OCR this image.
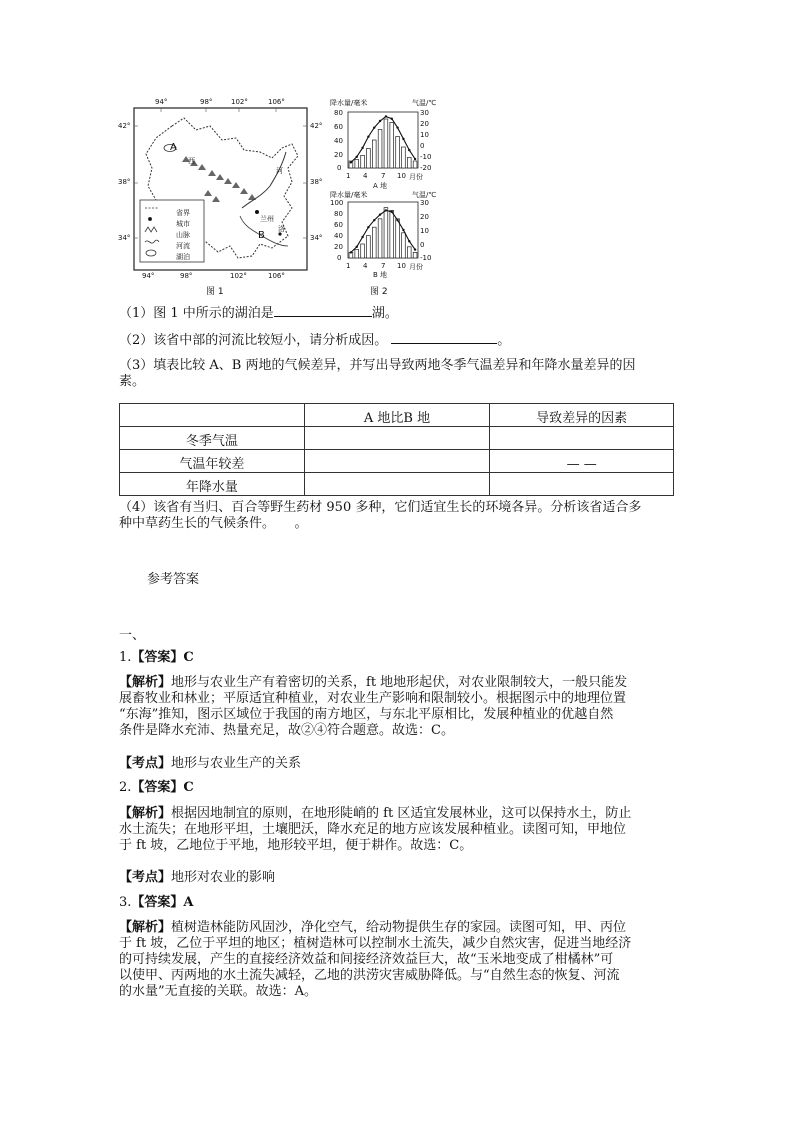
94°	98°	102°	106°
94°	98°	102°	106°
42°
38°
34°
42°
38°
34°
A
B
兰州
河
洛
西
省界
城市
山脉
河流
湖泊
图 1
降水量/毫米	气温/℃
80
60
40
20
0
30
20
10
0
-10
-20
1 4 7 10 月份
A 地
降水量/毫米	气温/℃
100
80
60
40
20
0
30
20
10
0
-10
1 4 7 10 月份
B 地
图 2
（1）图 1 中所示的湖泊是	湖。
（2）该省中部的河流比较短小，请分析成因。	。
（3）填表比较 A、B 两地的气候差异，并写出导致两地冬季气温差异和年降水量差异的因
素。
	A 地比B 地	导致差异的因素
冬季气温		
气温年较差		— —
年降水量		
（4）该省有当归、百合等野生药材 950 多种，它们适宜生长的环境各异。分析该省适合多
种中草药生长的气候条件。　　。
参考答案
一、
1.【答案】C
【解析】地形与农业生产有着密切的关系，ft 地地形起伏，对农业限制较大，一般只能发
展畜牧业和林业；平原适宜种植业，对农业生产影响和限制较小。根据图示中的地理位置
“东海”推知，图示区域位于我国的南方地区，与东北平原相比，发展种植业的优越自然
条件是降水充沛、热量充足，故②④符合题意。故选：C。
【考点】地形与农业生产的关系
2.【答案】C
【解析】根据因地制宜的原则，在地形陡峭的 ft 区适宜发展林业，这可以保持水土，防止
水土流失；在地形平坦，土壤肥沃，降水充足的地方应该发展种植业。读图可知，甲地位
于 ft 坡，乙地位于平地，地形较平坦，便于耕作。故选：C。
【考点】地形对农业的影响
3.【答案】A
【解析】植树造林能防风固沙，净化空气，给动物提供生存的家园。读图可知，甲、丙位
于 ft 坡，乙位于平坦的地区；植树造林可以控制水土流失，减少自然灾害，促进当地经济
的可持续发展，产生的直接经济效益和间接经济效益巨大，故“玉米地变成了柑橘林”可
以使甲、丙两地的水土流失减轻，乙地的洪涝灾害威胁降低。与“自然生态的恢复、河流
的水量”无直接的关联。故选：A。
